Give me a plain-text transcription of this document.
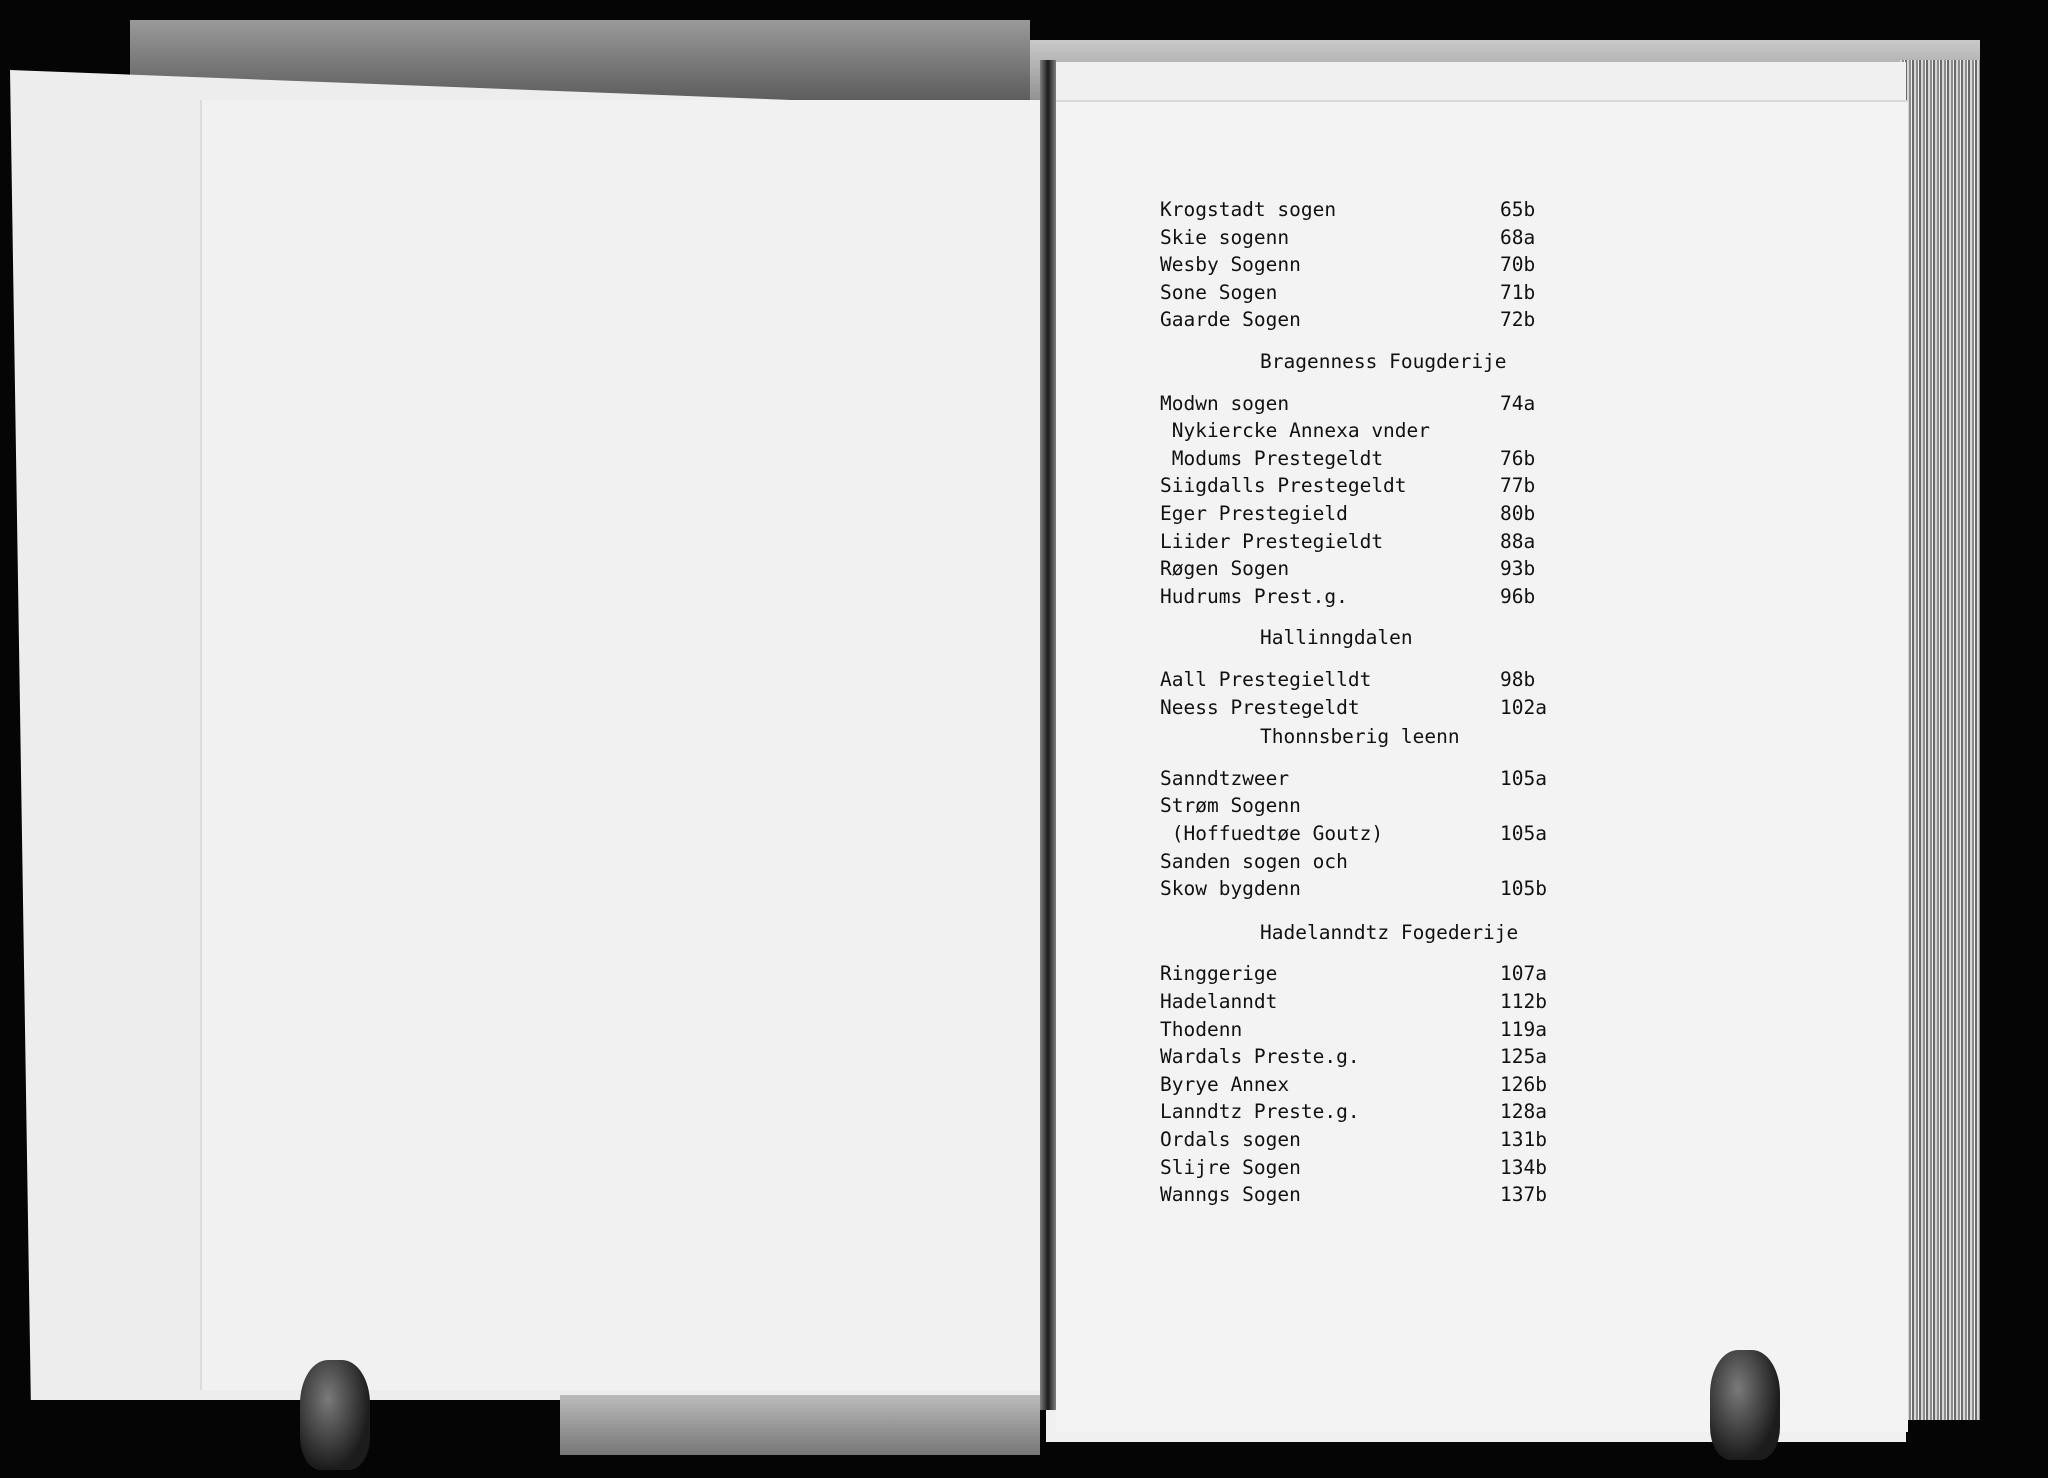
Krogstadt sogen	65b
Skie sogenn	68a
Wesby Sogenn	70b
Sone Sogen	71b
Gaarde Sogen	72b
Bragenness Fougderije
Modwn sogen	74a
Nykiercke Annexa vnder
Modums Prestegeldt	76b
Siigdalls Prestegeldt	77b
Eger Prestegield	80b
Liider Prestegieldt	88a
Røgen Sogen	93b
Hudrums Prest.g.	96b
Hallinngdalen
Aall Prestegielldt	98b
Neess Prestegeldt	102a
Thonnsberig leenn
Sanndtzweer	105a
Strøm Sogenn
(Hoffuedtøe Goutz)	105a
Sanden sogen och
Skow bygdenn	105b
Hadelanndtz Fogederije
Ringgerige	107a
Hadelanndt	112b
Thodenn	119a
Wardals Preste.g.	125a
Byrye Annex	126b
Lanndtz Preste.g.	128a
Ordals sogen	131b
Slijre Sogen	134b
Wanngs Sogen	137b
